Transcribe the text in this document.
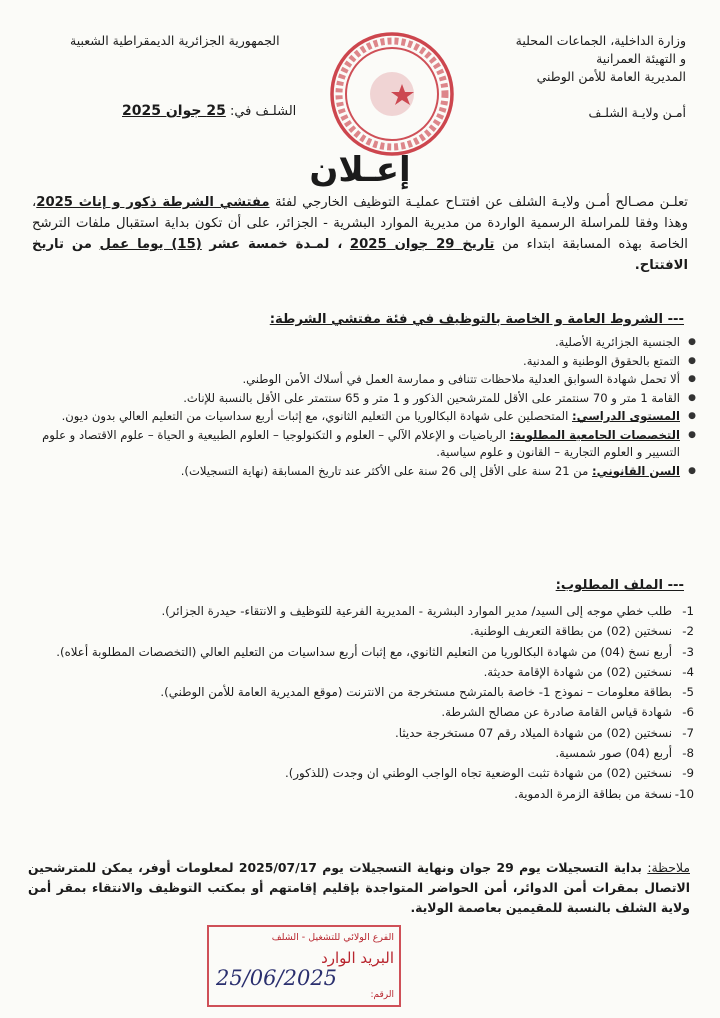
وزارة الداخلية، الجماعات المحلية
و التهيئة العمرانية
المديرية العامة للأمن الوطني
أمـن ولايـة الشلـف
الجمهورية الجزائرية الديمقراطية الشعبية
الشلـف في: 25 جوان 2025
إعـلان
تعلـن مصـالح أمـن ولايـة الشلف عن افتتـاح عمليـة التوظيف الخارجي لفئة مفتشي الشرطة ذكور و إناث 2025، وهذا وفقا للمراسلة الرسمية الواردة من مديرية الموارد البشرية - الجزائر، على أن تكون بداية استقبال ملفات الترشح الخاصة بهذه المسابقة ابتداء من تاريخ 29 جوان 2025 ، لمـدة خمسة عشر (15) يوما عمل من تاريخ الافتتاح.
--- الشروط العامة و الخاصة بالتوظيف في فئة مفتشي الشرطة:
● الجنسية الجزائرية الأصلية.
● التمتع بالحقوق الوطنية و المدنية.
● ألا تحمل شهادة السوابق العدلية ملاحظات تتنافى و ممارسة العمل في أسلاك الأمن الوطني.
● القامة 1 متر و 70 سنتمتر على الأقل للمترشحين الذكور و 1 متر و 65 سنتمتر على الأقل بالنسبة للإناث.
● المستوى الدراسي: المتحصلين على شهادة البكالوريا من التعليم الثانوي، مع إثبات أربع سداسيات من التعليم العالي بدون ديون.
● التخصصات الجامعية المطلوبة: الرياضيات و الإعلام الآلي – العلوم و التكنولوجيا – العلوم الطبيعية و الحياة – علوم الاقتصاد و علوم التسيير و العلوم التجارية – القانون و علوم سياسية.
● السن القانوني: من 21 سنة على الأقل إلى 26 سنة على الأكثر عند تاريخ المسابقة (نهاية التسجيلات).
--- الملف المطلوب:
1-
طلب خطي موجه إلى السيد/ مدير الموارد البشرية - المديرية الفرعية للتوظيف و الانتقاء- حيدرة الجزائر).
2-
نسختين (02) من بطاقة التعريف الوطنية.
3-
أربع نسخ (04) من شهادة البكالوريا من التعليم الثانوي، مع إثبات أربع سداسيات من التعليم العالي (التخصصات المطلوبة أعلاه).
4-
نسختين (02) من شهادة الإقامة حديثة.
5-
بطاقة معلومات – نموذج 1- خاصة بالمترشح مستخرجة من الانترنت (موقع المديرية العامة للأمن الوطني).
6-
شهادة قياس القامة صادرة عن مصالح الشرطة.
7-
نسختين (02) من شهادة الميلاد رقم 07 مستخرجة حديثا.
8-
أربع (04) صور شمسية.
9-
نسختين (02) من شهادة تثبت الوضعية تجاه الواجب الوطني ان وجدت (للذكور).
10-
نسخة من بطاقة الزمرة الدموية.
ملاحظة: بداية التسجيلات يوم 29 جوان ونهاية التسجيلات يوم 2025/07/17 لمعلومات أوفر، يمكن للمترشحين الاتصال بمقرات أمن الدوائر، أمن الحواضر المتواجدة بإقليم إقامتهم أو بمكتب التوظيف والانتقاء بمقر أمن ولاية الشلف بالنسبة للمقيمين بعاصمة الولاية.
الفرع الولائي للتشغيل - الشلف
البريد الوارد
25/06/2025
الرقم:
